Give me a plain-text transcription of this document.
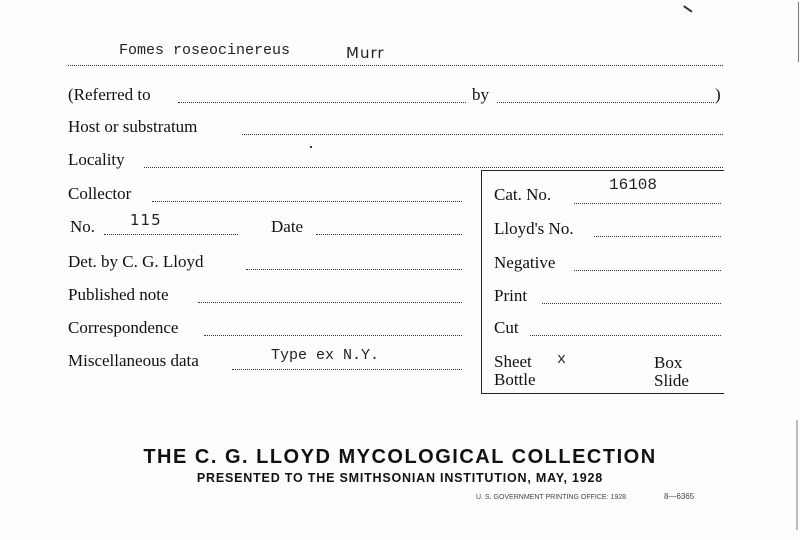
Fomes roseocinereus	Murr
(Referred to	by	)
Host or substratum
Locality
Collector
No. 115	Date
Det. by C. G. Lloyd
Published note
Correspondence
Miscellaneous data	Type ex N.Y.
Cat. No.	16108
Lloyd's No.
Negative
Print
Cut
Sheet x	Box
Bottle	Slide
THE C. G. LLOYD MYCOLOGICAL COLLECTION
PRESENTED TO THE SMITHSONIAN INSTITUTION, MAY, 1928
U. S. GOVERNMENT PRINTING OFFICE: 1928	8—6365
